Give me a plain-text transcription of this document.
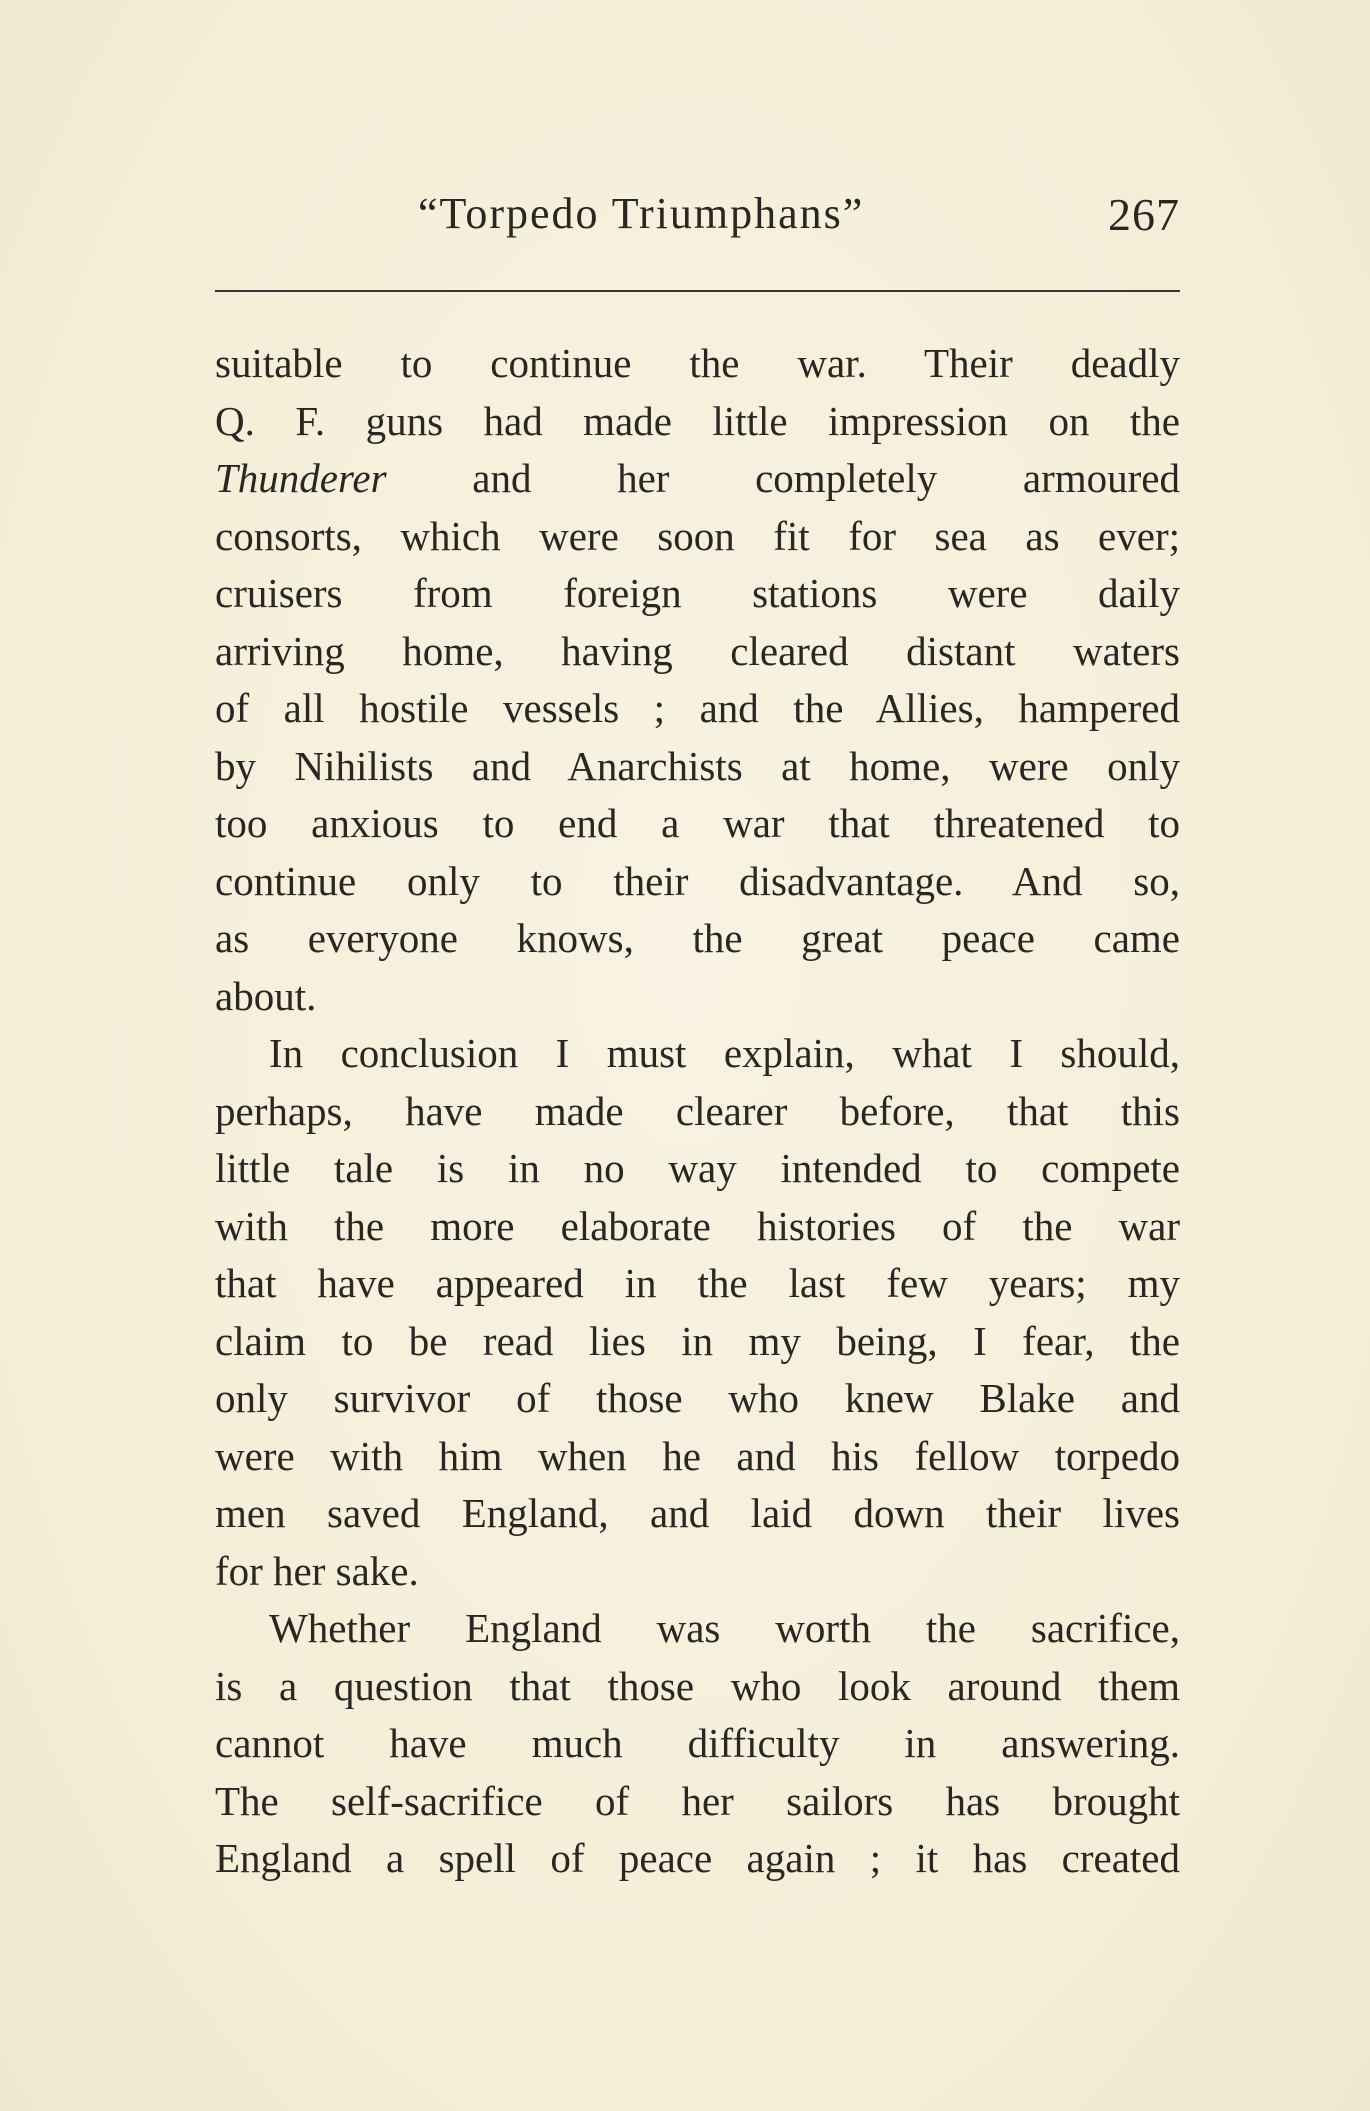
“Torpedo Triumphans”	267
suitable to continue the war. Their deadly
Q. F. guns had made little impression on the
Thunderer and her completely armoured
consorts, which were soon fit for sea as ever;
cruisers from foreign stations were daily
arriving home, having cleared distant waters
of all hostile vessels ; and the Allies, hampered
by Nihilists and Anarchists at home, were only
too anxious to end a war that threatened to
continue only to their disadvantage. And so,
as everyone knows, the great peace came
about.
In conclusion I must explain, what I should,
perhaps, have made clearer before, that this
little tale is in no way intended to compete
with the more elaborate histories of the war
that have appeared in the last few years; my
claim to be read lies in my being, I fear, the
only survivor of those who knew Blake and
were with him when he and his fellow torpedo
men saved England, and laid down their lives
for her sake.
Whether England was worth the sacrifice,
is a question that those who look around them
cannot have much difficulty in answering.
The self-sacrifice of her sailors has brought
England a spell of peace again ; it has created
